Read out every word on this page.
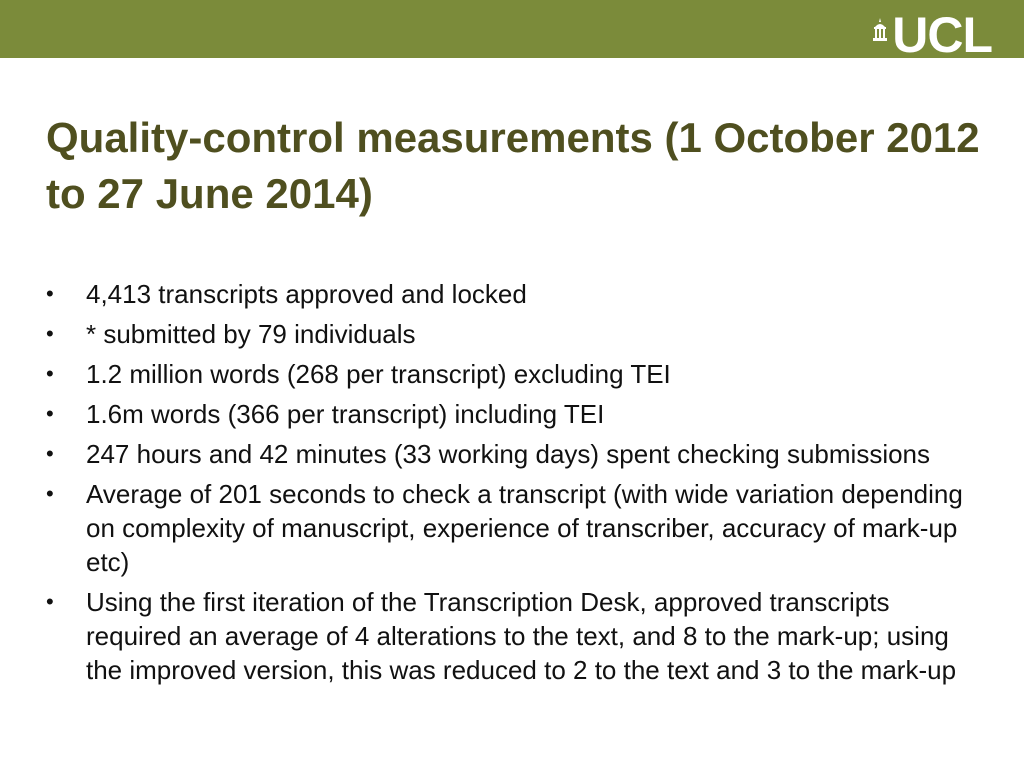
UCL
Quality-control measurements (1 October 2012 to 27 June 2014)
•	4,413 transcripts approved and locked
•	* submitted by 79 individuals
•	1.2 million words (268 per transcript) excluding TEI
•	1.6m words (366 per transcript) including TEI
•	247 hours and 42 minutes (33 working days) spent checking submissions
•	Average of 201 seconds to check a transcript (with wide variation depending on complexity of manuscript, experience of transcriber, accuracy of mark-up etc)
•	Using the first iteration of the Transcription Desk, approved transcripts required an average of 4 alterations to the text, and 8 to the mark-up; using the improved version, this was reduced to 2 to the text and 3 to the mark-up
